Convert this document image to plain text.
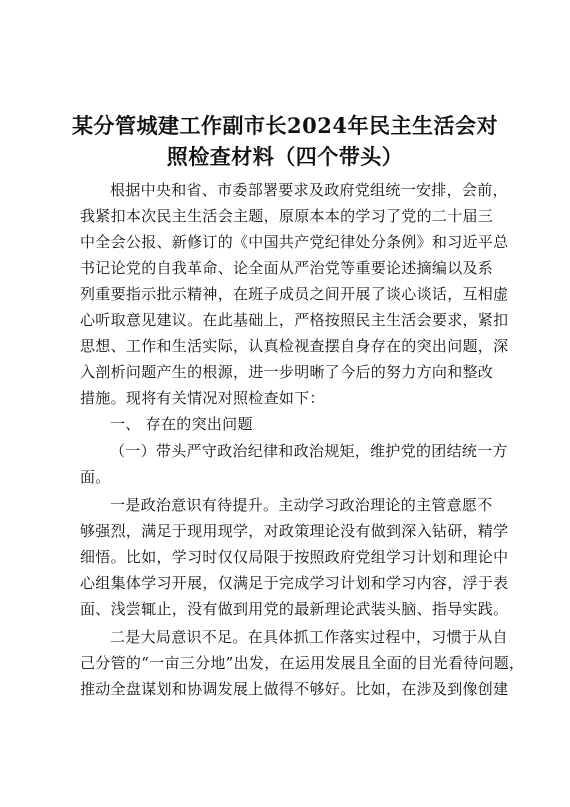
某分管城建工作副市长2024年民主生活会对
照检查材料（四个带头）
根据中央和省、市委部署要求及政府党组统一安排，会前，
我紧扣本次民主生活会主题，原原本本的学习了党的二十届三
中全会公报、新修订的《中国共产党纪律处分条例》和习近平总
书记论党的自我革命、论全面从严治党等重要论述摘编以及系
列重要指示批示精神，在班子成员之间开展了谈心谈话，互相虚
心听取意见建议。在此基础上，严格按照民主生活会要求，紧扣
思想、工作和生活实际，认真检视查摆自身存在的突出问题，深
入剖析问题产生的根源，进一步明晰了今后的努力方向和整改
措施。现将有关情况对照检查如下：
一、 存在的突出问题
（一）带头严守政治纪律和政治规矩，维护党的团结统一方
面。
一是政治意识有待提升。主动学习政治理论的主管意愿不
够强烈，满足于现用现学，对政策理论没有做到深入钻研，精学
细悟。比如，学习时仅仅局限于按照政府党组学习计划和理论中
心组集体学习开展，仅满足于完成学习计划和学习内容，浮于表
面、浅尝辄止，没有做到用党的最新理论武装头脑、指导实践。
二是大局意识不足。在具体抓工作落实过程中，习惯于从自
己分管的“一亩三分地”出发，在运用发展且全面的目光看待问题，
推动全盘谋划和协调发展上做得不够好。比如，在涉及到像创建
